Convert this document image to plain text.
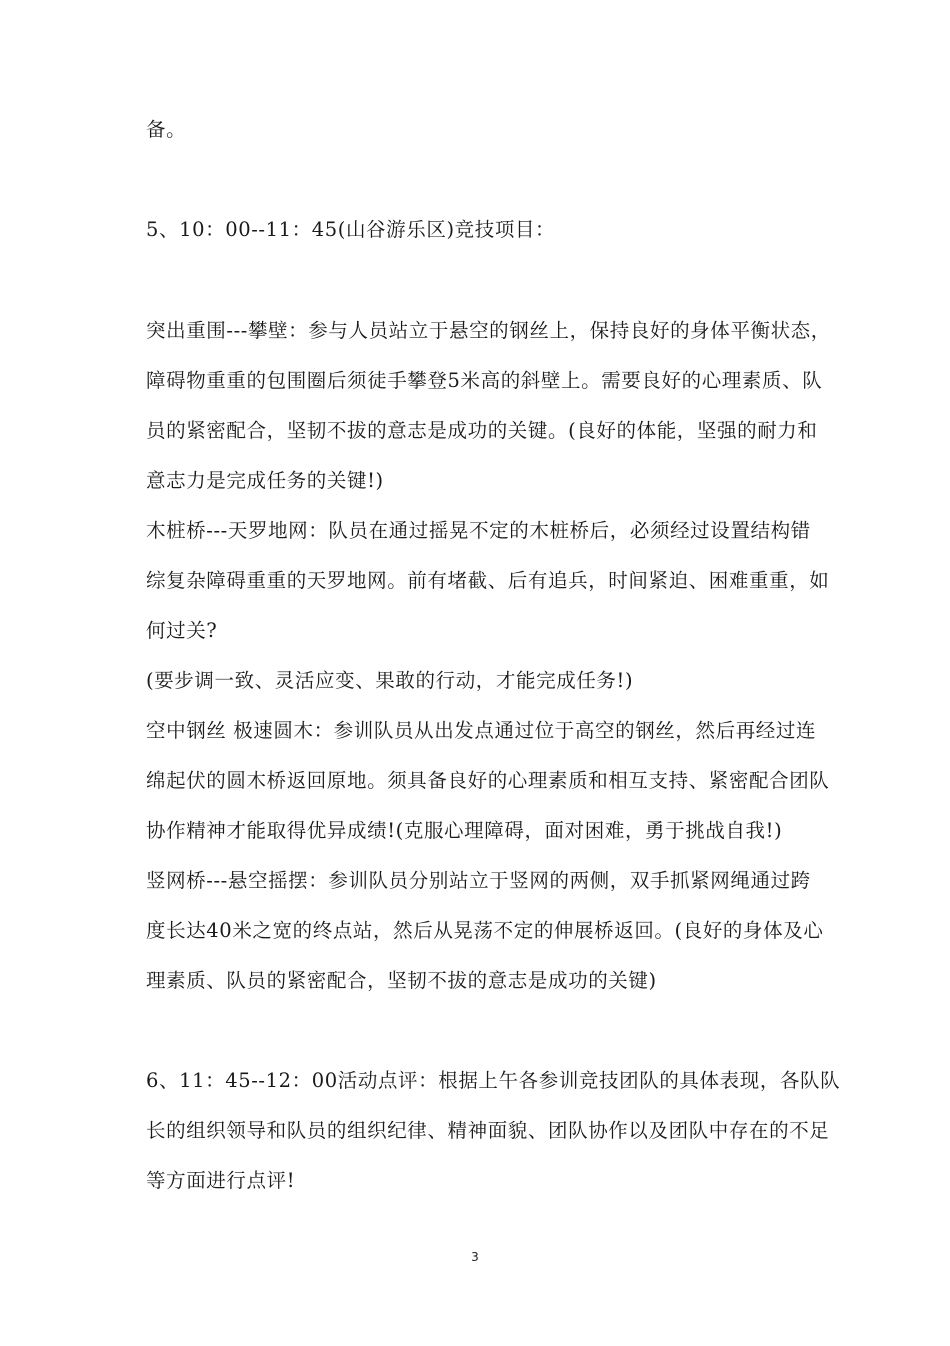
备。
5、10：00--11：45(山谷游乐区)竞技项目：
突出重围---攀壁：参与人员站立于悬空的钢丝上，保持良好的身体平衡状态，
障碍物重重的包围圈后须徒手攀登5米高的斜壁上。需要良好的心理素质、队
员的紧密配合，坚韧不拔的意志是成功的关键。(良好的体能，坚强的耐力和
意志力是完成任务的关键!)
木桩桥---天罗地网：队员在通过摇晃不定的木桩桥后，必须经过设置结构错
综复杂障碍重重的天罗地网。前有堵截、后有追兵，时间紧迫、困难重重，如
何过关?
(要步调一致、灵活应变、果敢的行动，才能完成任务!)
空中钢丝 极速圆木：参训队员从出发点通过位于高空的钢丝，然后再经过连
绵起伏的圆木桥返回原地。须具备良好的心理素质和相互支持、紧密配合团队
协作精神才能取得优异成绩!(克服心理障碍，面对困难，勇于挑战自我!)
竖网桥---悬空摇摆：参训队员分别站立于竖网的两侧，双手抓紧网绳通过跨
度长达40米之宽的终点站，然后从晃荡不定的伸展桥返回。(良好的身体及心
理素质、队员的紧密配合，坚韧不拔的意志是成功的关键)
6、11：45--12：00活动点评：根据上午各参训竞技团队的具体表现，各队队
长的组织领导和队员的组织纪律、精神面貌、团队协作以及团队中存在的不足
等方面进行点评!
3
